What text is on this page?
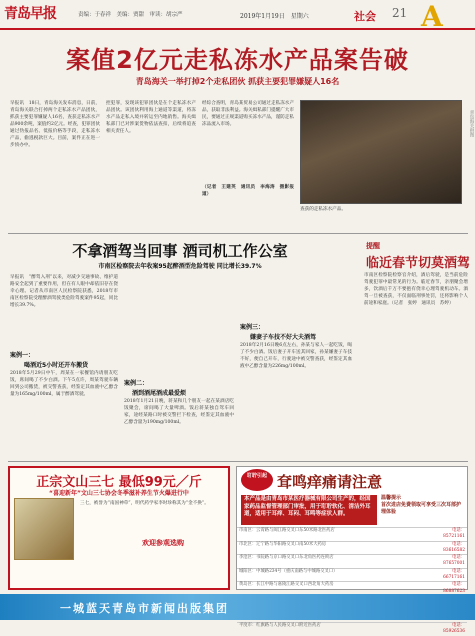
青岛早报	责编：于春祥　美编：贾甜　审读：胡宗严	2019年1月19日　星期六	社会 21 A
案值2亿元走私冻水产品案告破
青岛海关一举打掉2个走私团伙 抓获主要犯罪嫌疑人16名
早报讯　18日，青岛海关发布消息，日前，青岛海关联合打掉两个走私冻水产品团伙，抓获主要犯罪嫌疑人16名，查获走私冻水产品900余吨，案值约2亿元。经查，犯罪团伙通过伪报品名、低报价格等手段，走私冻水产品，偷逃税款巨大。目前，案件正在进一步侦办中。
控犯罪，发现该犯罪团伙是在个走私冻水产品团伙。该团伙利用海上通道等渠道，将冻水产品走私入境并转运至内地销售。海关缉私部门已对涉案货物依法查扣，后续将追查相关责任人。
经综合查明，青岛某贸易公司通过走私冻水产品，获取非法利益。海关缉私部门提醒广大市民，要通过正规渠道购买冻水产品，谨防走私冻品流入市场。
（记者　王建英　通讯员　李海涛　摄影报道）
查获的走私冻水产品。
青岛海关供图
不拿酒驾当回事 酒司机工作公室
市南区检察院去年收案95起醉酒型危险驾驶 同比增长39.7%
早报讯　“醉驾入刑”以来，对减少交通事故、维护道路安全起到了重要作用，但在有人眼中却依旧存在侥幸心理。记者从市南区人民检察院获悉，2018年市南区检察院受理醉酒驾驶类危险驾驶案件95起，同比增长39.7%。
案例一：
喝酒近5小时还开车搬货
2018年5月29日中午，周某在一家餐馆内请朋友吃饭，席间喝了不少白酒。下午5点许，周某驾驶车辆回到公司搬货，被交警查获，经鉴定其血液中乙醇含量为165mg/100ml，属于醉酒驾驶。
案例二：
酒到酒尾酒成最爱烦
2018年1月21日晚，蒋某和几个朋友一起在某酒店吃饭聚会，席间喝了大量啤酒。饭后蒋某独自驾车回家，途经某路口时被交警拦下检查，经鉴定其血液中乙醇含量为190mg/100ml。
案例三：
嫌妻子车技不好大夫酒驾
2018年2月16日晚6点左右，孙某与家人一起吃饭，喝了不少白酒。饭后妻子开车送其回家，孙某嫌妻子车技不好，便自己开车，行驶途中被交警查获，经鉴定其血液中乙醇含量为226mg/100ml。
提醒
临近春节切莫酒驾
市南区检察院检察官介绍，酒后驾驶，是当前危险驾驶犯罪中最常见的行为。临近春节，亲朋聚会增多，饮酒后千万不要抱有侥幸心理驾驶机动车。酒驾一旦被查获，不仅面临刑事处罚，还将影响个人前途和家庭。（记者　张婷　通讯员　苏婷）
正宗文山三七 最低99元／斤
“喜迎新年”文山三七协会冬季滋补养生节火爆进行中
三七，被誉为“南国神草”，明代药学家李时珍称其为“金不换”。
欢迎参观选购
耵聍引起 耷鸣痒痛请注意
本产品是由青岛市某医疗器械有限公司生产的，经国家药品监督管理部门审批，用于耵聍软化、清洁外耳道，适用于耳痒、耳闷、耳鸣等症状人群。
温馨提示
首次进店免费领取可享受三次耳部护理体验
市南区：云霄路与闽江路交叉口东50米路北医药店	电话：85721161
市北区：辽宁路与华阳路交叉口南50米大药房	电话：83616582
李沧区：书院路与京口路交叉口东北角医药连锁店	电话：87657001
城阳区：中城路234号（重庆南路与中城路交叉口）	电话：66717161
黄岛区：长江中路与嘉陵江路交叉口西北角大药房	电话：86887623
平度市：红旗路与人民路交叉口附近医药店	电话：85926536
一城蓝天青岛市新闻出版集团
